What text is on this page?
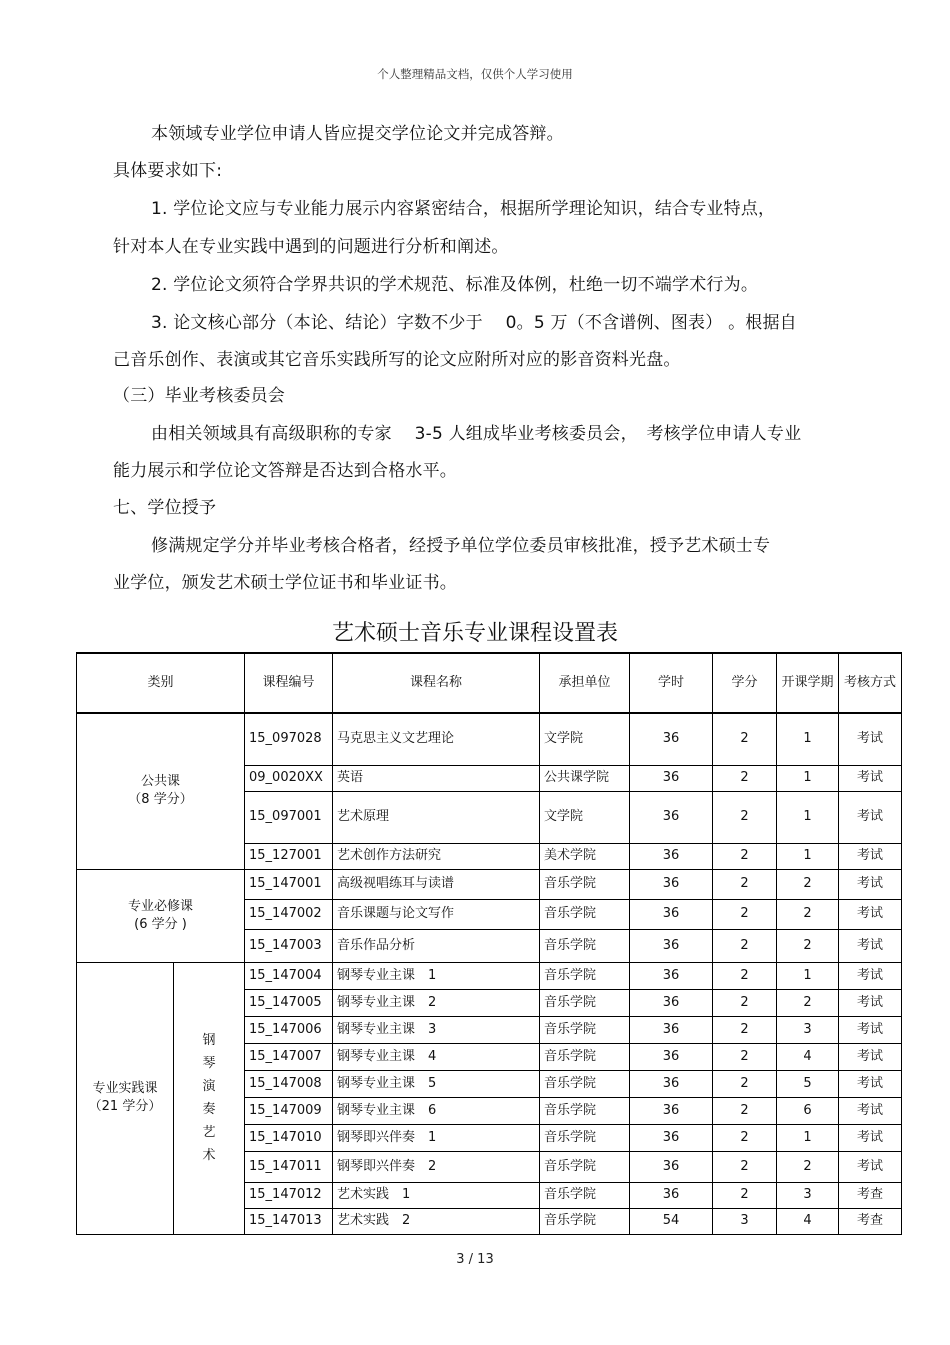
个人整理精品文档，仅供个人学习使用
本领域专业学位申请人皆应提交学位论文并完成答辩。
具体要求如下:
1. 学位论文应与专业能力展示内容紧密结合，根据所学理论知识，结合专业特点，
针对本人在专业实践中遇到的问题进行分析和阐述。
2. 学位论文须符合学界共识的学术规范、标准及体例，杜绝一切不端学术行为。
3. 论文核心部分（本论、结论）字数不少于　 0。5 万（不含谱例、图表） 。根据自
己音乐创作、表演或其它音乐实践所写的论文应附所对应的影音资料光盘。
（三）毕业考核委员会
由相关领域具有高级职称的专家　 3-5 人组成毕业考核委员会，　考核学位申请人专业
能力展示和学位论文答辩是否达到合格水平。
七、学位授予
修满规定学分并毕业考核合格者，经授予单位学位委员审核批准，授予艺术硕士专
业学位，颁发艺术硕士学位证书和毕业证书。
艺术硕士音乐专业课程设置表
类别		课程编号	课程名称	承担单位	学时	学分	开课学期	考核方式

公共课
（8 学分）		15_097028	马克思主义文艺理论	文学院	36	2	1	考试
		09_0020XX	英语	公共课学院	36	2	1	考试
		15_097001	艺术原理	文学院	36	2	1	考试
		15_127001	艺术创作方法研究	美术学院	36	2	1	考试

专业必修课
(6 学分 )		15_147001	高级视唱练耳与读谱	音乐学院	36	2	2	考试
		15_147002	音乐课题与论文写作	音乐学院	36	2	2	考试
		15_147003	音乐作品分析	音乐学院	36	2	2	考试

专业实践课
（21 学分）	钢琴演奏艺术	15_147004	钢琴专业主课　1	音乐学院	36	2	1	考试
		15_147005	钢琴专业主课　2	音乐学院	36	2	2	考试
		15_147006	钢琴专业主课　3	音乐学院	36	2	3	考试
		15_147007	钢琴专业主课　4	音乐学院	36	2	4	考试
		15_147008	钢琴专业主课　5	音乐学院	36	2	5	考试
		15_147009	钢琴专业主课　6	音乐学院	36	2	6	考试
		15_147010	钢琴即兴伴奏　1	音乐学院	36	2	1	考试
		15_147011	钢琴即兴伴奏　2	音乐学院	36	2	2	考试
		15_147012	艺术实践　1	音乐学院	36	2	3	考查
		15_147013	艺术实践　2	音乐学院	54	3	4	考查
3 / 13
